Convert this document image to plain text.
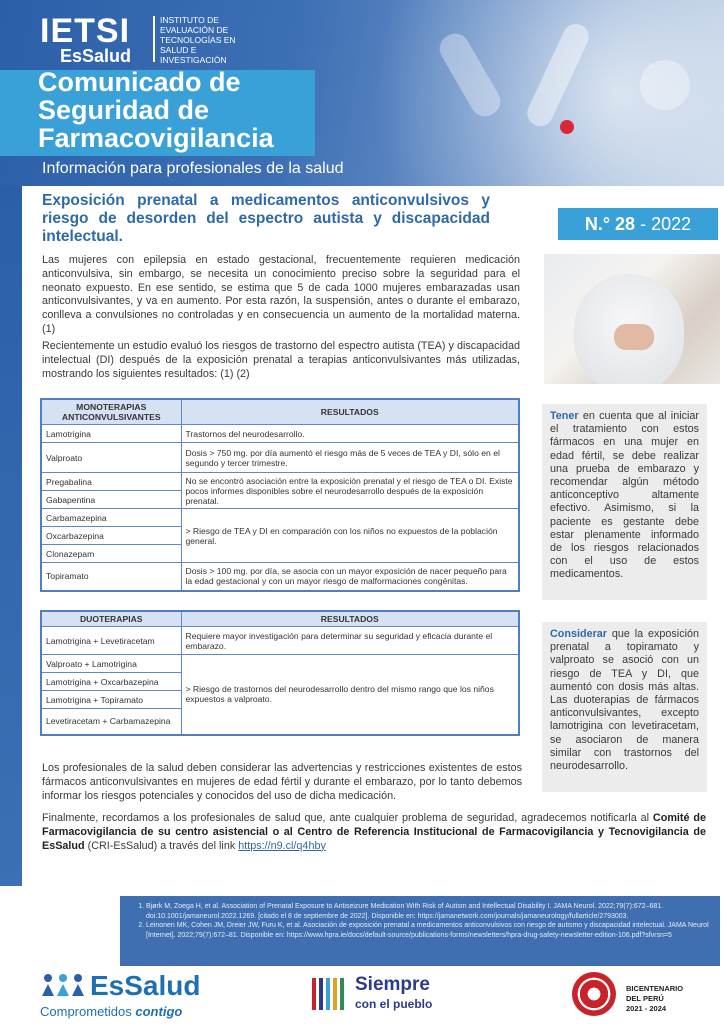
IETSI
EsSalud
INSTITUTO DE EVALUACIÓN DE TECNOLOGÍAS EN SALUD E INVESTIGACIÓN
Comunicado de Seguridad de Farmacovigilancia
Información para profesionales de la salud
Exposición prenatal a medicamentos anticonvulsivos y riesgo de desorden del espectro autista y discapacidad intelectual.
N.° 28 - 2022
Las mujeres con epilepsia en estado gestacional, frecuentemente requieren medicación anticonvulsiva, sin embargo, se necesita un conocimiento preciso sobre la seguridad para el neonato expuesto. En ese sentido, se estima que 5 de cada 1000 mujeres embarazadas usan anticonvulsivantes, y va en aumento. Por esta razón, la suspensión, antes o durante el embarazo, conlleva a convulsiones no controladas y en consecuencia un aumento de la mortalidad materna. (1)
Recientemente un estudio evaluó los riesgos de trastorno del espectro autista (TEA) y discapacidad intelectual (DI) después de la exposición prenatal a terapias anticonvulsivantes más utilizadas, mostrando los siguientes resultados: (1) (2)
MONOTERAPIAS ANTICONVULSIVANTES	RESULTADOS
Lamotrigina	Trastornos del neurodesarrollo.
Valproato	Dosis > 750 mg. por día aumentó el riesgo más de 5 veces de TEA y DI, sólo en el segundo y tercer trimestre.
Pregabalina	No se encontró asociación entre la exposición prenatal y el riesgo de TEA o DI. Existe pocos informes disponibles sobre el neurodesarrollo después de la exposición prenatal.
Gabapentina	
Carbamazepina	> Riesgo de TEA y DI en comparación con los niños no expuestos de la población general.
Oxcarbazepina	
Clonazepam	
Topiramato	Dosis > 100 mg. por día, se asocia con un mayor exposición de nacer pequeño para la edad gestacional y con un mayor riesgo de malformaciones congénitas.
DUOTERAPIAS	RESULTADOS
Lamotrigina + Levetiracetam	Requiere mayor investigación para determinar su seguridad y eficacia durante el embarazo.
Valproato + Lamotrigina	> Riesgo de trastornos del neurodesarrollo dentro del mismo rango que los niños expuestos a valproato.
Lamotrigina + Oxcarbazepina	
Lamotrigina + Topiramato	
Levetiracetam + Carbamazepina	
Tener en cuenta que al iniciar el tratamiento con estos fármacos en una mujer en edad fértil, se debe realizar una prueba de embarazo y recomendar algún método anticonceptivo altamente efectivo. Asimismo, si la paciente es gestante debe estar plenamente informado de los riesgos relacionados con el uso de estos medicamentos.
Considerar que la exposición prenatal a topiramato y valproato se asoció con un riesgo de TEA y DI, que aumentó con dosis más altas. Las duoterapias de fármacos anticonvulsivantes, excepto lamotrigina con levetiracetam, se asociaron de manera similar con trastornos del neurodesarrollo.
Los profesionales de la salud deben considerar las advertencias y restricciones existentes de estos fármacos anticonvulsivantes en mujeres de edad fértil y durante el embarazo, por lo tanto debemos informar los riesgos potenciales y conocidos del uso de dicha medicación.
Finalmente, recordamos a los profesionales de salud que, ante cualquier problema de seguridad, agradecemos notificarla al Comité de Farmacovigilancia de su centro asistencial o al Centro de Referencia Institucional de Farmacovigilancia y Tecnovigilancia de EsSalud (CRI-EsSalud) a través del link https://n9.cl/q4hby
1. Bjørk M, Zoega H, et al. Association of Prenatal Exposure to Antiseizure Medication With Risk of Autism and Intellectual Disability I. JAMA Neurol. 2022;79(7):672–681. doi:10.1001/jamaneurol.2022.1269. [citado el 8 de septiembre de 2022]. Disponible en: https://jamanetwork.com/journals/jamaneurology/fullarticle/2793003.
2. Leinonen MK, Cohen JM, Dreier JW, Furu K, et al. Asociación de exposición prenatal a medicamentos anticonvulsivos con riesgo de autismo y discapacidad intelectual. JAMA Neurol [Internet]. 2022;79(7):672–81. Disponible en: https://www.hpra.ie/docs/default-source/publications-forms/newsletters/hpra-drug-safety-newsletter-edition-106.pdf?sfvrsn=5
EsSalud
Comprometidos contigo
Siempre
con el pueblo
BICENTENARIO
DEL PERÚ
2021 - 2024
